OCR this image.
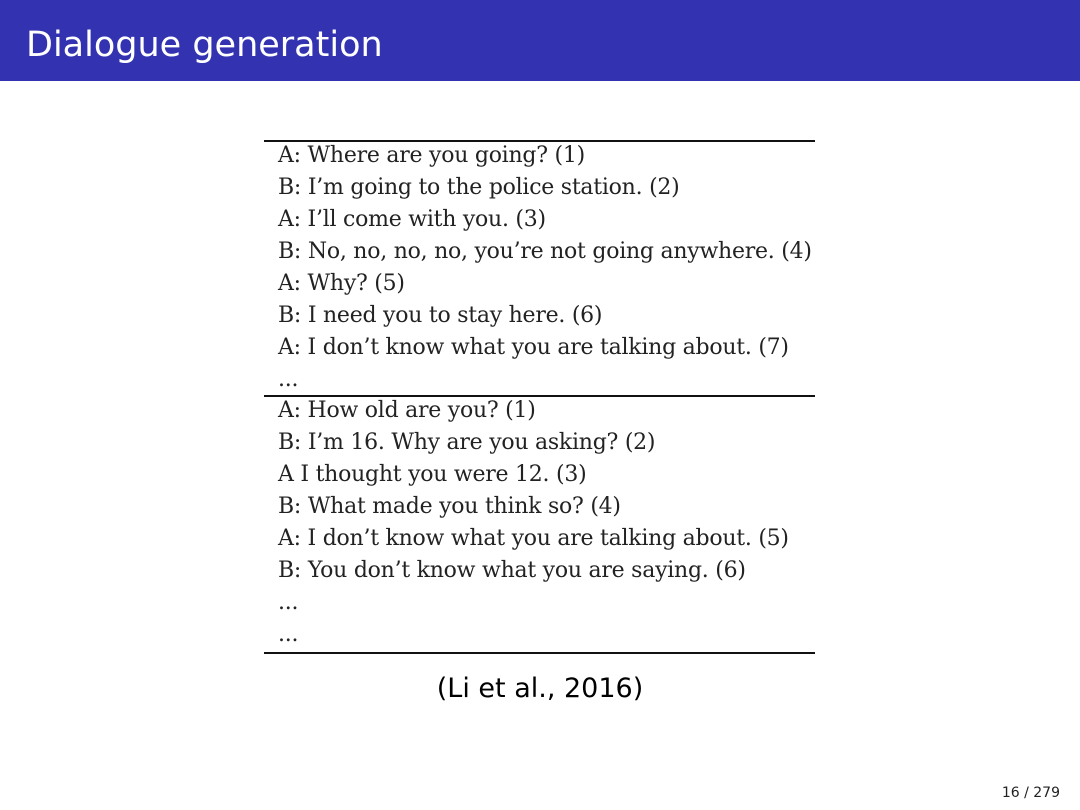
Dialogue generation
A: Where are you going? (1)
B: I’m going to the police station. (2)
A: I’ll come with you. (3)
B: No, no, no, no, you’re not going anywhere. (4)
A: Why? (5)
B: I need you to stay here. (6)
A: I don’t know what you are talking about. (7)
...
A: How old are you? (1)
B: I’m 16. Why are you asking? (2)
A I thought you were 12. (3)
B: What made you think so? (4)
A: I don’t know what you are talking about. (5)
B: You don’t know what you are saying. (6)
...
...
(Li et al., 2016)
16 / 279
